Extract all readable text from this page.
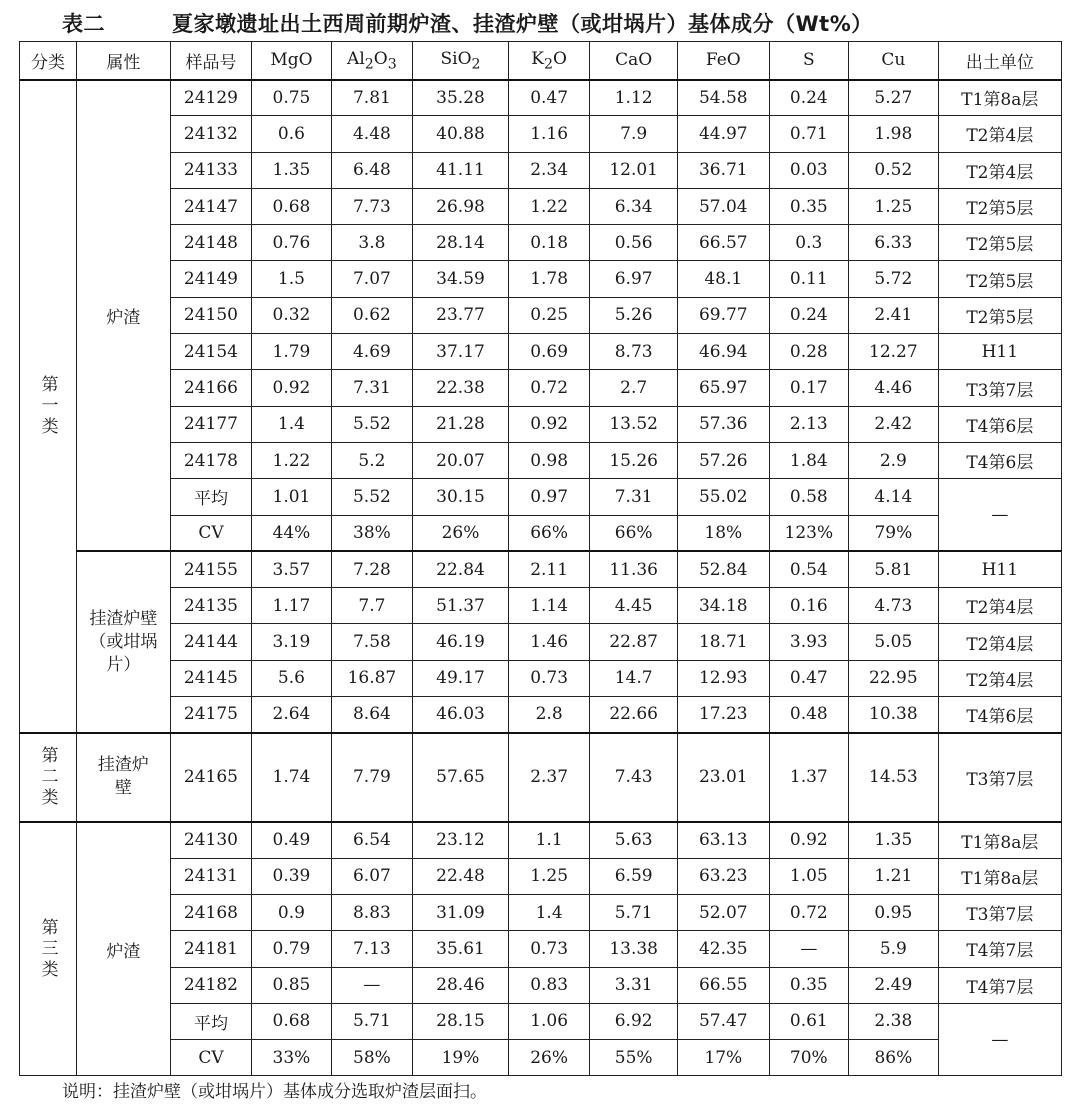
表二	夏家墩遗址出土西周前期炉渣、挂渣炉壁（或坩埚片）基体成分（Wt%）
分类	属性	样品号	MgO	$Al_2O_3$	SiO$_2$	$K_2O$	CaO	FeO	S	Cu	出土单位
第一类	炉渣	24129	0.75	7.81	35.28	0.47	1.12	54.58	0.24	5.27	T1第8a层
		24132	0.6	4.48	40.88	1.16	7.9	44.97	0.71	1.98	T2第4层
		24133	1.35	6.48	41.11	2.34	12.01	36.71	0.03	0.52	T2第4层
		24147	0.68	7.73	26.98	1.22	6.34	57.04	0.35	1.25	T2第5层
		24148	0.76	3.8	28.14	0.18	0.56	66.57	0.3	6.33	T2第5层
		24149	1.5	7.07	34.59	1.78	6.97	48.1	0.11	5.72	T2第5层
		24150	0.32	0.62	23.77	0.25	5.26	69.77	0.24	2.41	T2第5层
		24154	1.79	4.69	37.17	0.69	8.73	46.94	0.28	12.27	H11
		24166	0.92	7.31	22.38	0.72	2.7	65.97	0.17	4.46	T3第7层
		24177	1.4	5.52	21.28	0.92	13.52	57.36	2.13	2.42	T4第6层
		24178	1.22	5.2	20.07	0.98	15.26	57.26	1.84	2.9	T4第6层
		平均	1.01	5.52	30.15	0.97	7.31	55.02	0.58	4.14	—
		CV	44%	38%	26%	66%	66%	18%	123%	79%	
	挂渣炉壁（或坩埚片）	24155	3.57	7.28	22.84	2.11	11.36	52.84	0.54	5.81	H11
		24135	1.17	7.7	51.37	1.14	4.45	34.18	0.16	4.73	T2第4层
		24144	3.19	7.58	46.19	1.46	22.87	18.71	3.93	5.05	T2第4层
		24145	5.6	16.87	49.17	0.73	14.7	12.93	0.47	22.95	T2第4层
		24175	2.64	8.64	46.03	2.8	22.66	17.23	0.48	10.38	T4第6层
第二类	挂渣炉壁	24165	1.74	7.79	57.65	2.37	7.43	23.01	1.37	14.53	T3第7层
第三类	炉渣	24130	0.49	6.54	23.12	1.1	5.63	63.13	0.92	1.35	T1第8a层
		24131	0.39	6.07	22.48	1.25	6.59	63.23	1.05	1.21	T1第8a层
		24168	0.9	8.83	31.09	1.4	5.71	52.07	0.72	0.95	T3第7层
		24181	0.79	7.13	35.61	0.73	13.38	42.35	—	5.9	T4第7层
		24182	0.85	—	28.46	0.83	3.31	66.55	0.35	2.49	T4第7层
		平均	0.68	5.71	28.15	1.06	6.92	57.47	0.61	2.38	—
		CV	33%	58%	19%	26%	55%	17%	70%	86%	
说明：挂渣炉壁（或坩埚片）基体成分选取炉渣层面扫。
